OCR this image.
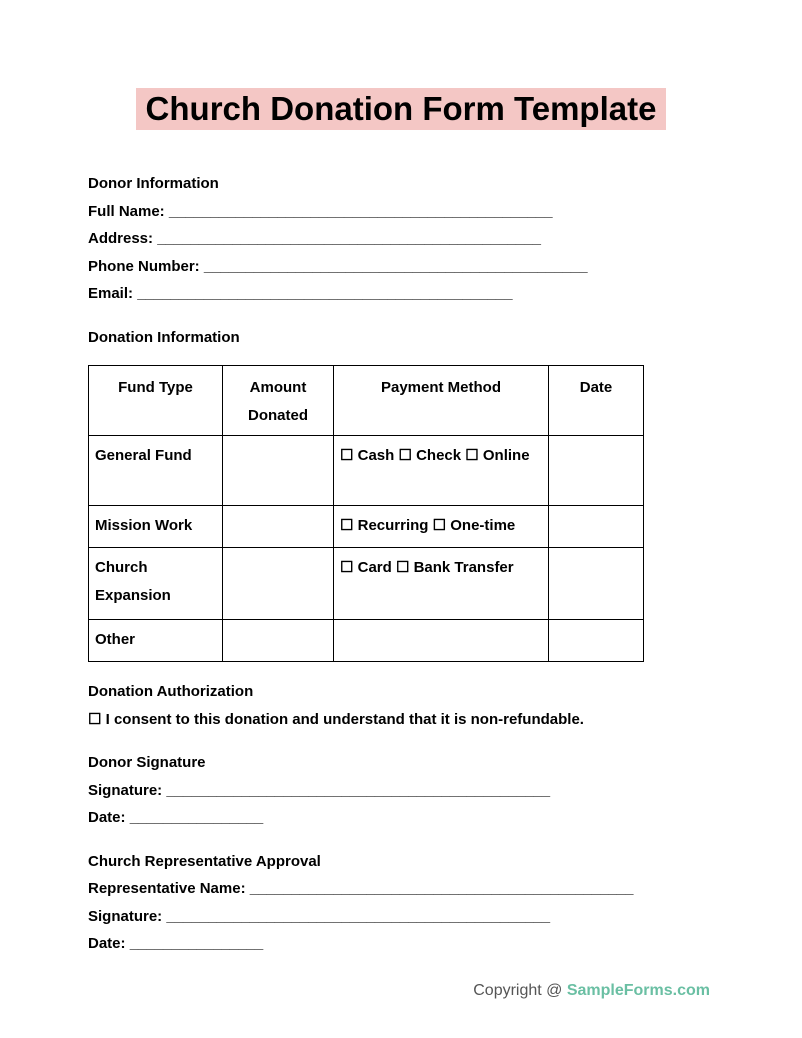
Church Donation Form Template

Donor Information

Full Name: ______________________________________________

Address: ______________________________________________

Phone Number: ______________________________________________

Email: _____________________________________________

Donation Information

Fund Type	Amount Donated	Payment Method	Date
General Fund		☐ Cash ☐ Check ☐ Online	
Mission Work		☐ Recurring ☐ One-time	
Church Expansion		☐ Card ☐ Bank Transfer	
Other			

Donation Authorization

☐ I consent to this donation and understand that it is non-refundable.

Donor Signature

Signature: ______________________________________________

Date: ________________

Church Representative Approval

Representative Name: ______________________________________________

Signature: ______________________________________________

Date: ________________

Copyright @ SampleForms.com
